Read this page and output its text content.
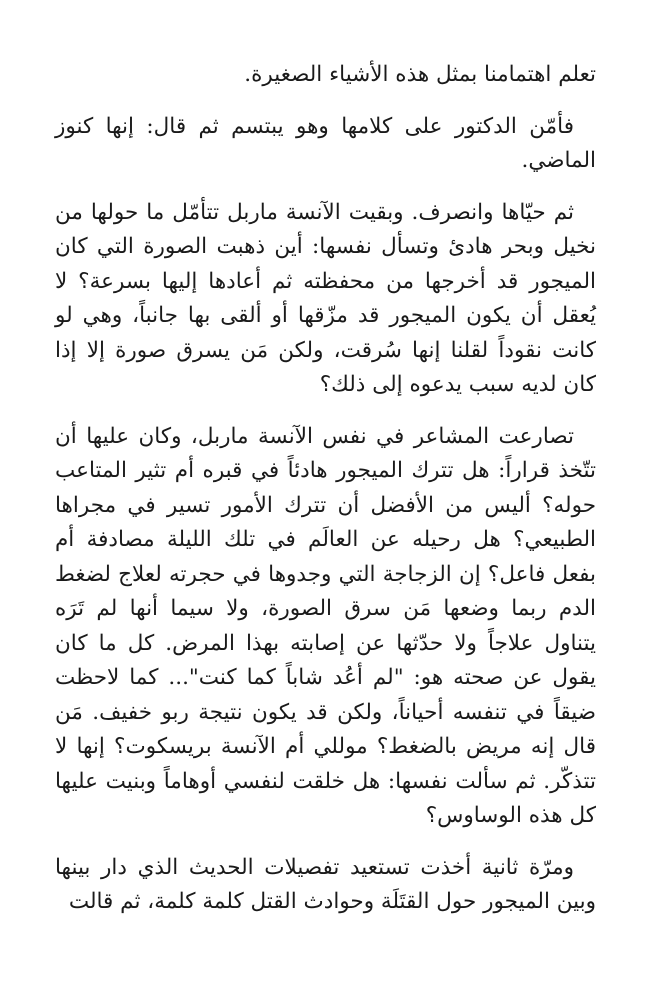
تعلم اهتمامنا بمثل هذه الأشياء الصغيرة.

فأمّن الدكتور على كلامها وهو يبتسم ثم قال: إنها كنوز الماضي.

ثم حيّاها وانصرف. وبقيت الآنسة ماربل تتأمّل ما حولها من نخيل وبحر هادئ وتسأل نفسها: أين ذهبت الصورة التي كان الميجور قد أخرجها من محفظته ثم أعادها إليها بسرعة؟ لا يُعقل أن يكون الميجور قد مزّقها أو ألقى بها جانباً، وهي لو كانت نقوداً لقلنا إنها سُرقت، ولكن مَن يسرق صورة إلا إذا كان لديه سبب يدعوه إلى ذلك؟

تصارعت المشاعر في نفس الآنسة ماربل، وكان عليها أن تتّخذ قراراً: هل تترك الميجور هادئاً في قبره أم تثير المتاعب حوله؟ أليس من الأفضل أن تترك الأمور تسير في مجراها الطبيعي؟ هل رحيله عن العالَم في تلك الليلة مصادفة أم بفعل فاعل؟ إن الزجاجة التي وجدوها في حجرته لعلاج لضغط الدم ربما وضعها مَن سرق الصورة، ولا سيما أنها لم تَرَه يتناول علاجاً ولا حدّثها عن إصابته بهذا المرض. كل ما كان يقول عن صحته هو: "لم أعُد شاباً كما كنت"... كما لاحظت ضيقاً في تنفسه أحياناً، ولكن قد يكون نتيجة ربو خفيف. مَن قال إنه مريض بالضغط؟ موللي أم الآنسة بريسكوت؟ إنها لا تتذكّر. ثم سألت نفسها: هل خلقت لنفسي أوهاماً وبنيت عليها كل هذه الوساوس؟

ومرّة ثانية أخذت تستعيد تفصيلات الحديث الذي دار بينها وبين الميجور حول القتَلَة وحوادث القتل كلمة كلمة، ثم قالت
